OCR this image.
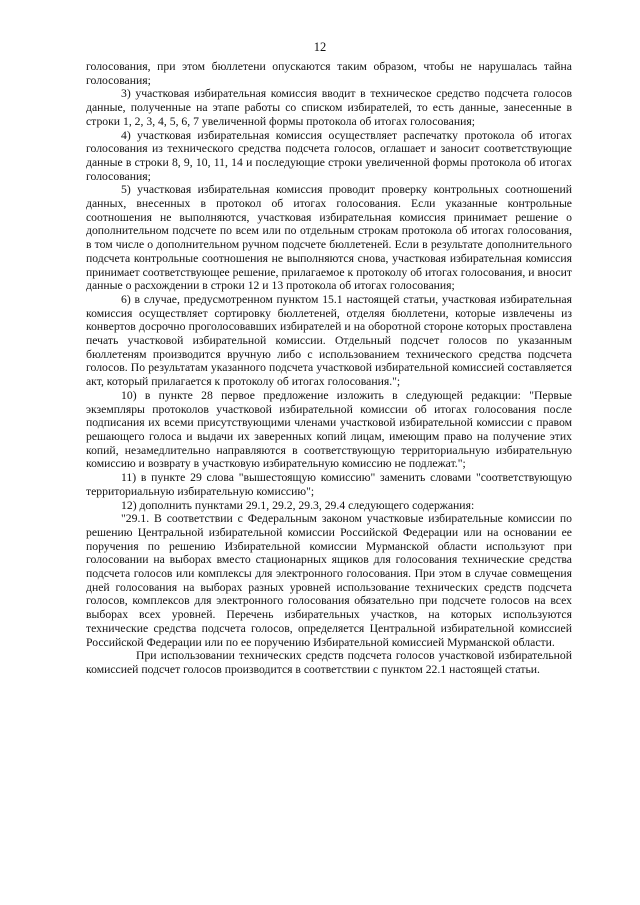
12

голосования, при этом бюллетени опускаются таким образом, чтобы не нарушалась тайна голосования;

3) участковая избирательная комиссия вводит в техническое средство подсчета голосов данные, полученные на этапе работы со списком избирателей, то есть данные, занесенные в строки 1, 2, 3, 4, 5, 6, 7 увеличенной формы протокола об итогах голосования;

4) участковая избирательная комиссия осуществляет распечатку протокола об итогах голосования из технического средства подсчета голосов, оглашает и заносит соответствующие данные в строки 8, 9, 10, 11, 14 и последующие строки увеличенной формы протокола об итогах голосования;

5) участковая избирательная комиссия проводит проверку контрольных соотношений данных, внесенных в протокол об итогах голосования. Если указанные контрольные соотношения не выполняются, участковая избирательная комиссия принимает решение о дополнительном подсчете по всем или по отдельным строкам протокола об итогах голосования, в том числе о дополнительном ручном подсчете бюллетеней. Если в результате дополнительного подсчета контрольные соотношения не выполняются снова, участковая избирательная комиссия принимает соответствующее решение, прилагаемое к протоколу об итогах голосования, и вносит данные о расхождении в строки 12 и 13 протокола об итогах голосования;

6) в случае, предусмотренном пунктом 15.1 настоящей статьи, участковая избирательная комиссия осуществляет сортировку бюллетеней, отделяя бюллетени, которые извлечены из конвертов досрочно проголосовавших избирателей и на оборотной стороне которых проставлена печать участковой избирательной комиссии. Отдельный подсчет голосов по указанным бюллетеням производится вручную либо с использованием технического средства подсчета голосов. По результатам указанного подсчета участковой избирательной комиссией составляется акт, который прилагается к протоколу об итогах голосования.";

10) в пункте 28 первое предложение изложить в следующей редакции: "Первые экземпляры протоколов участковой избирательной комиссии об итогах голосования после подписания их всеми присутствующими членами участковой избирательной комиссии с правом решающего голоса и выдачи их заверенных копий лицам, имеющим право на получение этих копий, незамедлительно направляются в соответствующую территориальную избирательную комиссию и возврату в участковую избирательную комиссию не подлежат.";

11) в пункте 29 слова "вышестоящую комиссию" заменить словами "соответствующую территориальную избирательную комиссию";

12) дополнить пунктами 29.1, 29.2, 29.3, 29.4 следующего содержания:

"29.1. В соответствии с Федеральным законом участковые избирательные комиссии по решению Центральной избирательной комиссии Российской Федерации или на основании ее поручения по решению Избирательной комиссии Мурманской области используют при голосовании на выборах вместо стационарных ящиков для голосования технические средства подсчета голосов или комплексы для электронного голосования. При этом в случае совмещения дней голосования на выборах разных уровней использование технических средств подсчета голосов, комплексов для электронного голосования обязательно при подсчете голосов на всех выборах всех уровней. Перечень избирательных участков, на которых используются технические средства подсчета голосов, определяется Центральной избирательной комиссией Российской Федерации или по ее поручению Избирательной комиссией Мурманской области.

При использовании технических средств подсчета голосов участковой избирательной комиссией подсчет голосов производится в соответствии с пунктом 22.1 настоящей статьи.
